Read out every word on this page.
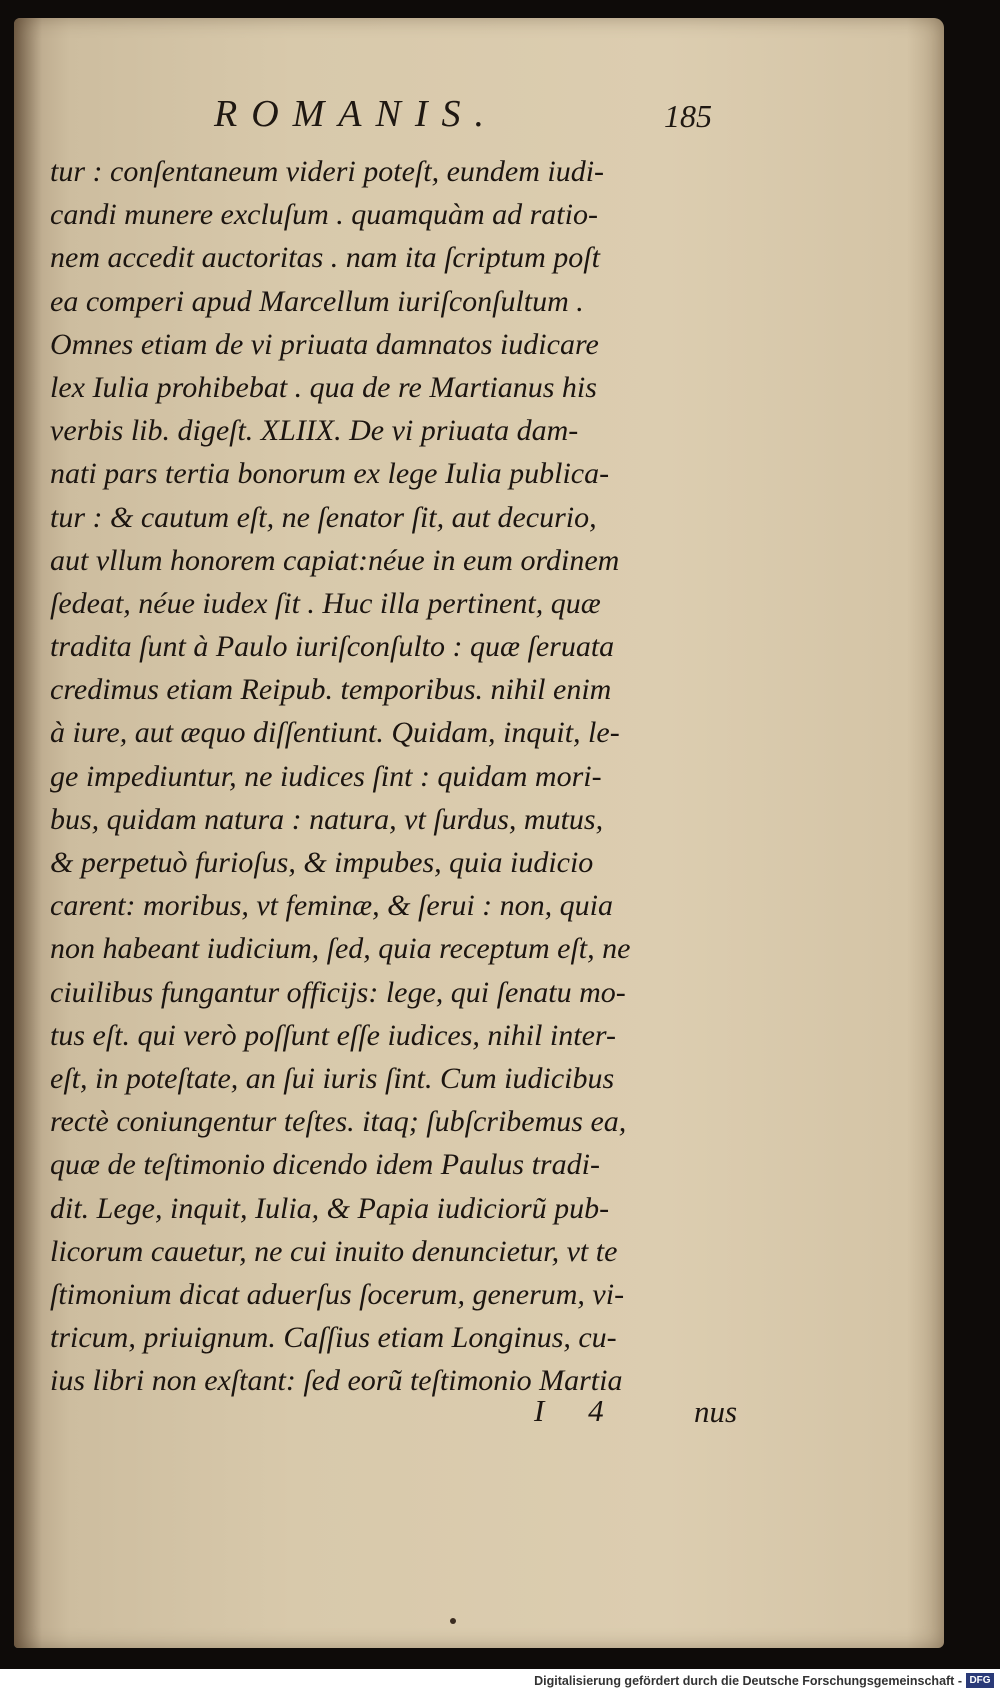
ROMANIS.	185
tur : conſentaneum videri poteſt, eundem iudi-
candi munere excluſum . quamquàm ad ratio-
nem accedit auctoritas . nam ita ſcriptum poſt
ea comperi apud Marcellum iuriſconſultum .
Omnes etiam de vi priuata damnatos iudicare
lex Iulia prohibebat . qua de re Martianus his
verbis lib. digeſt. XLIIX. De vi priuata dam-
nati pars tertia bonorum ex lege Iulia publica-
tur : & cautum eſt, ne ſenator ſit, aut decurio,
aut vllum honorem capiat:néue in eum ordinem
ſedeat, néue iudex ſit . Huc illa pertinent, quæ
tradita ſunt à Paulo iuriſconſulto : quæ ſeruata
credimus etiam Reipub. temporibus. nihil enim
à iure, aut æquo diſſentiunt. Quidam, inquit, le-
ge impediuntur, ne iudices ſint : quidam mori-
bus, quidam natura : natura, vt ſurdus, mutus,
& perpetuò furioſus, & impubes, quia iudicio
carent: moribus, vt feminæ, & ſerui : non, quia
non habeant iudicium, ſed, quia receptum eſt, ne
ciuilibus fungantur officijs: lege, qui ſenatu mo-
tus eſt. qui verò poſſunt eſſe iudices, nihil inter-
eſt, in poteſtate, an ſui iuris ſint. Cum iudicibus
rectè coniungentur teſtes. itaq; ſubſcribemus ea,
quæ de teſtimonio dicendo idem Paulus tradi-
dit. Lege, inquit, Iulia, & Papia iudiciorũ pub-
licorum cauetur, ne cui inuito denuncietur, vt te
ſtimonium dicat aduerſus ſocerum, generum, vi-
tricum, priuignum. Caſſius etiam Longinus, cu-
ius libri non exſtant: ſed eorũ teſtimonio Martia
I 4 nus
Digitalisierung gefördert durch die Deutsche Forschungsgemeinschaft - DFG
